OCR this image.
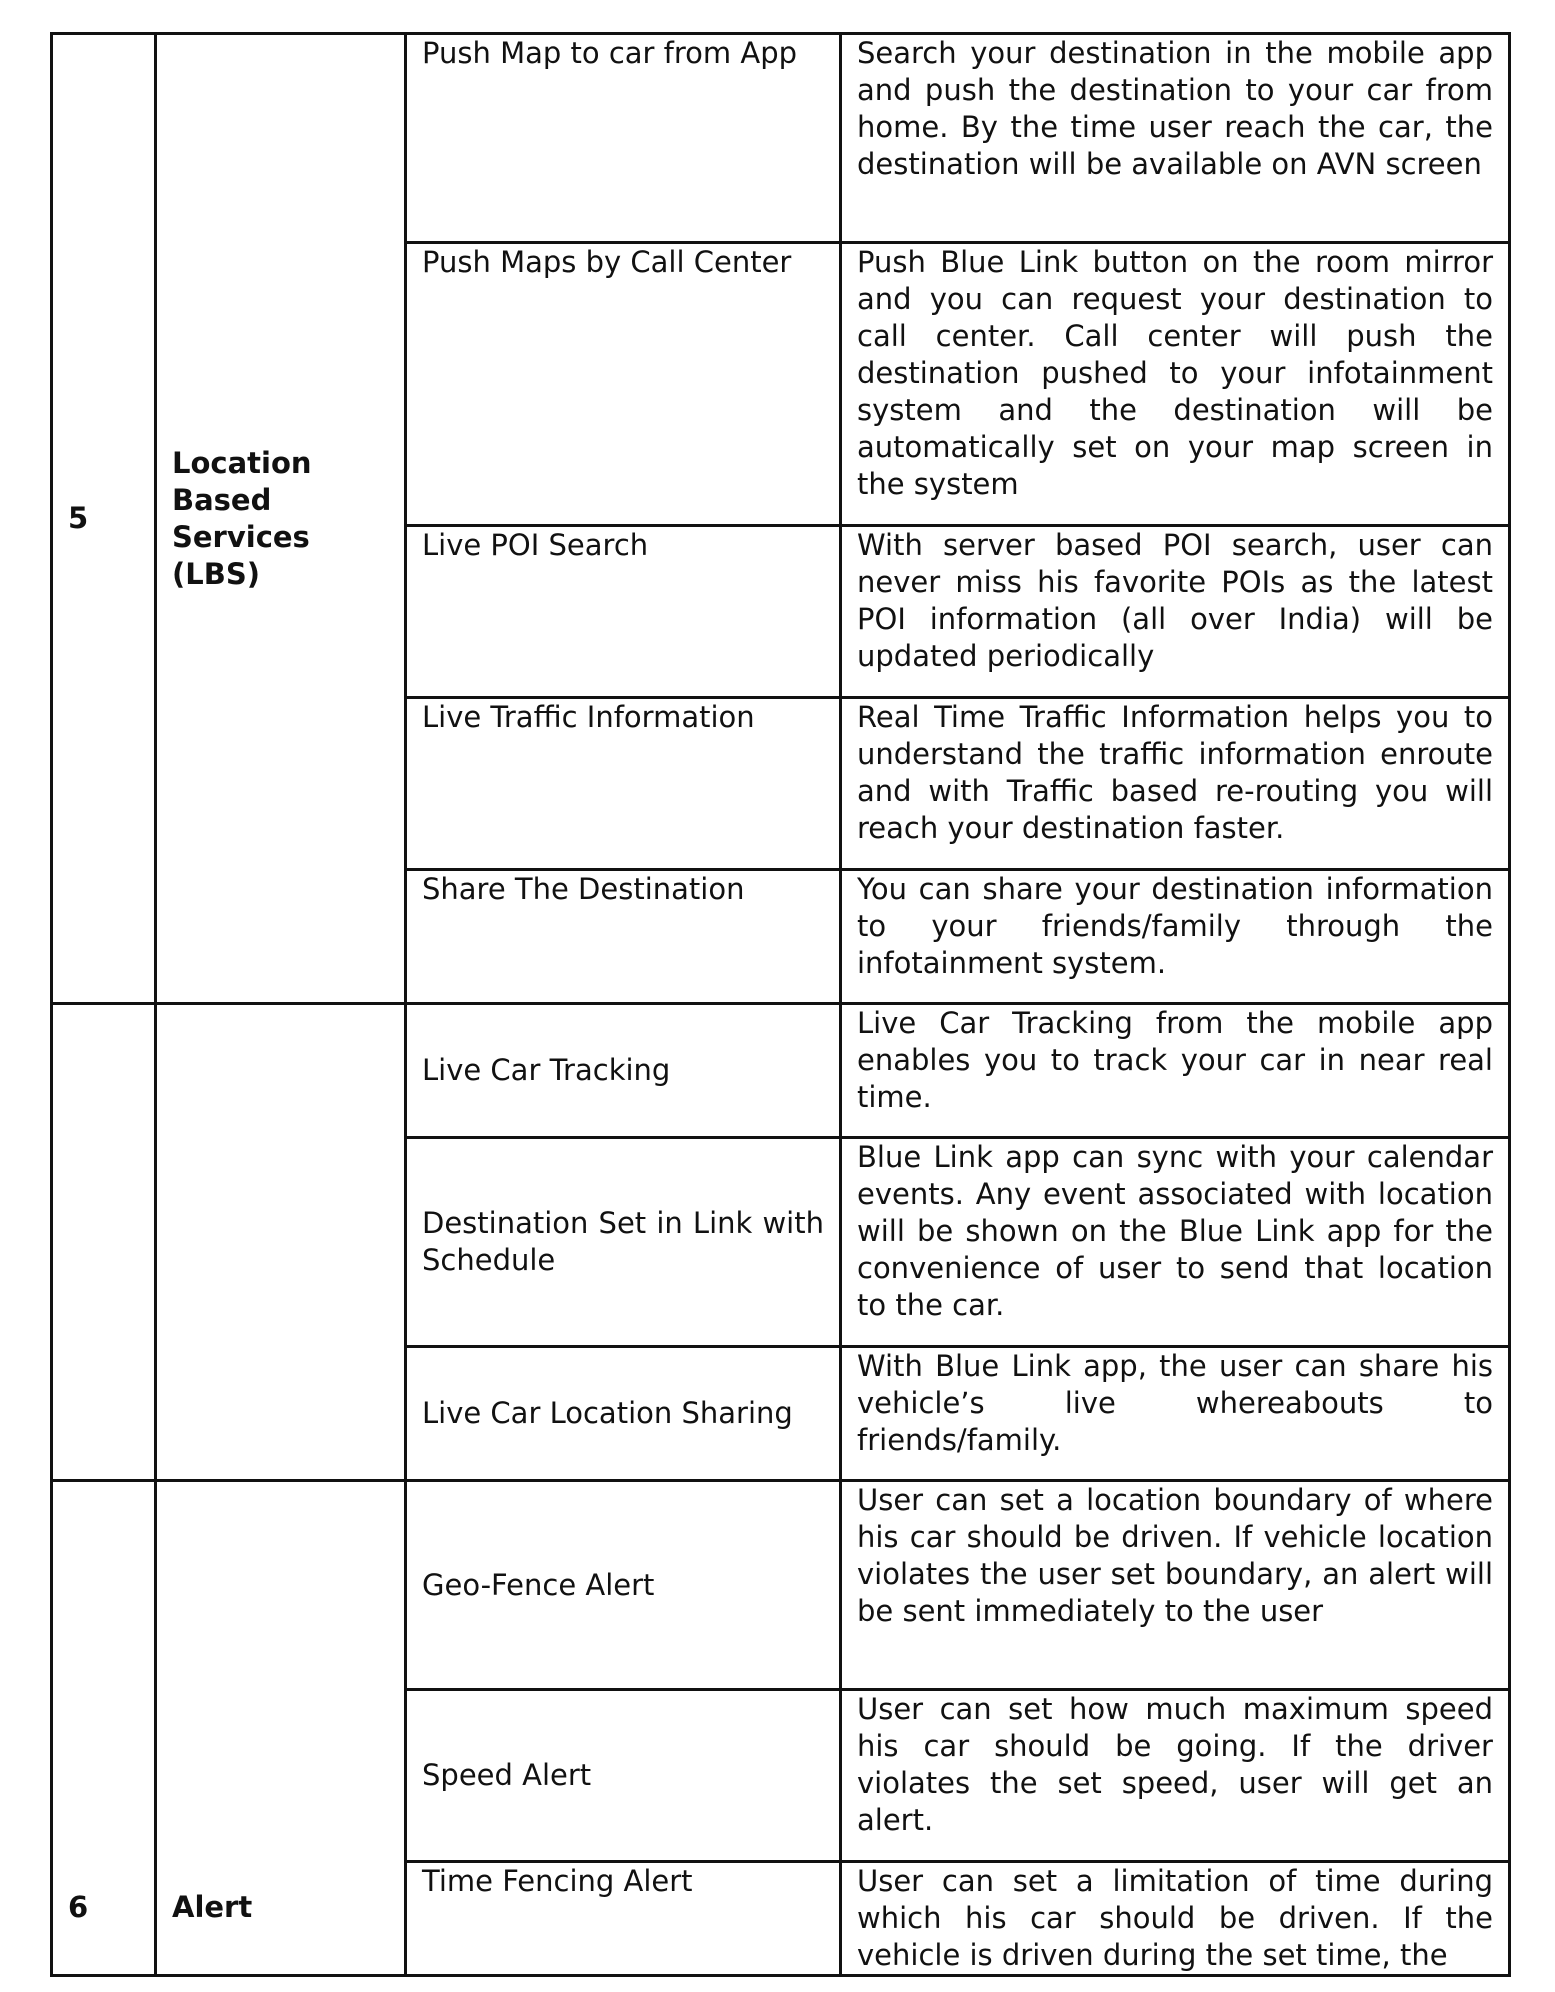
5	Location Based Services (LBS)	Push Map to car from App	Search your destination in the mobile app and push the destination to your car from home. By the time user reach the car, the destination will be available on AVN screen
		Push Maps by Call Center	Push Blue Link button on the room mirror and you can request your destination to call center. Call center will push the destination pushed to your infotainment system and the destination will be automatically set on your map screen in the system
		Live POI Search	With server based POI search, user can never miss his favorite POIs as the latest POI information (all over India) will be updated periodically
		Live Traffic Information	Real Time Traffic Information helps you to understand the traffic information enroute and with Traffic based re-routing you will reach your destination faster.
		Share The Destination	You can share your destination information to your friends/family through the infotainment system.
		Live Car Tracking	Live Car Tracking from the mobile app enables you to track your car in near real time.
		Destination Set in Link with Schedule	Blue Link app can sync with your calendar events. Any event associated with location will be shown on the Blue Link app for the convenience of user to send that location to the car.
		Live Car Location Sharing	With Blue Link app, the user can share his vehicle’s live whereabouts to friends/family.
6	Alert	Geo-Fence Alert	User can set a location boundary of where his car should be driven. If vehicle location violates the user set boundary, an alert will be sent immediately to the user
		Speed Alert	User can set how much maximum speed his car should be going. If the driver violates the set speed, user will get an alert.
		Time Fencing Alert	User can set a limitation of time during which his car should be driven. If the vehicle is driven during the set time, the
